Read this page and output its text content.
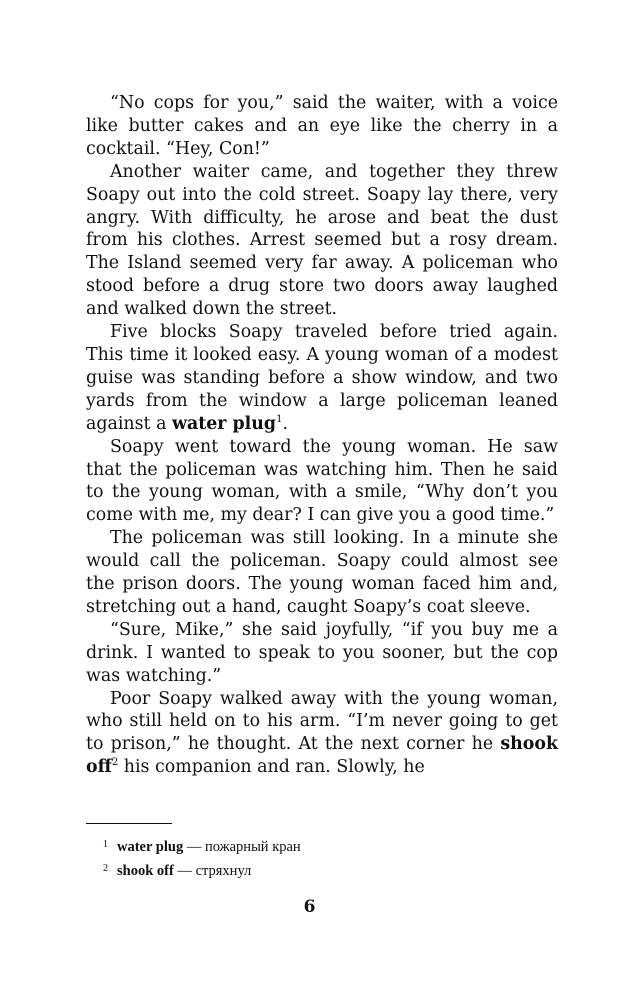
“No cops for you,” said the waiter, with a voice like butter cakes and an eye like the cherry in a cocktail. “Hey, Con!”

Another waiter came, and together they threw Soapy out into the cold street. Soapy lay there, very angry. With difficulty, he arose and beat the dust from his clothes. Arrest seemed but a rosy dream. The Island seemed very far away. A policeman who stood before a drug store two doors away laughed and walked down the street.

Five blocks Soapy traveled before tried again. This time it looked easy. A young woman of a modest guise was standing before a show window, and two yards from the window a large policeman leaned against a water plug$^1$.

Soapy went toward the young woman. He saw that the policeman was watching him. Then he said to the young woman, with a smile, “Why don’t you come with me, my dear? I can give you a good time.”

The policeman was still looking. In a minute she would call the policeman. Soapy could almost see the prison doors. The young woman faced him and, stretching out a hand, caught Soapy’s coat sleeve.

“Sure, Mike,” she said joyfully, “if you buy me a drink. I wanted to speak to you sooner, but the cop was watching.”

Poor Soapy walked away with the young woman, who still held on to his arm. “I’m never going to get to prison,” he thought. At the next corner he shook off$^2$ his companion and ran. Slowly, he

1 water plug — пожарный кран
2 shook off — стряхнул
6
